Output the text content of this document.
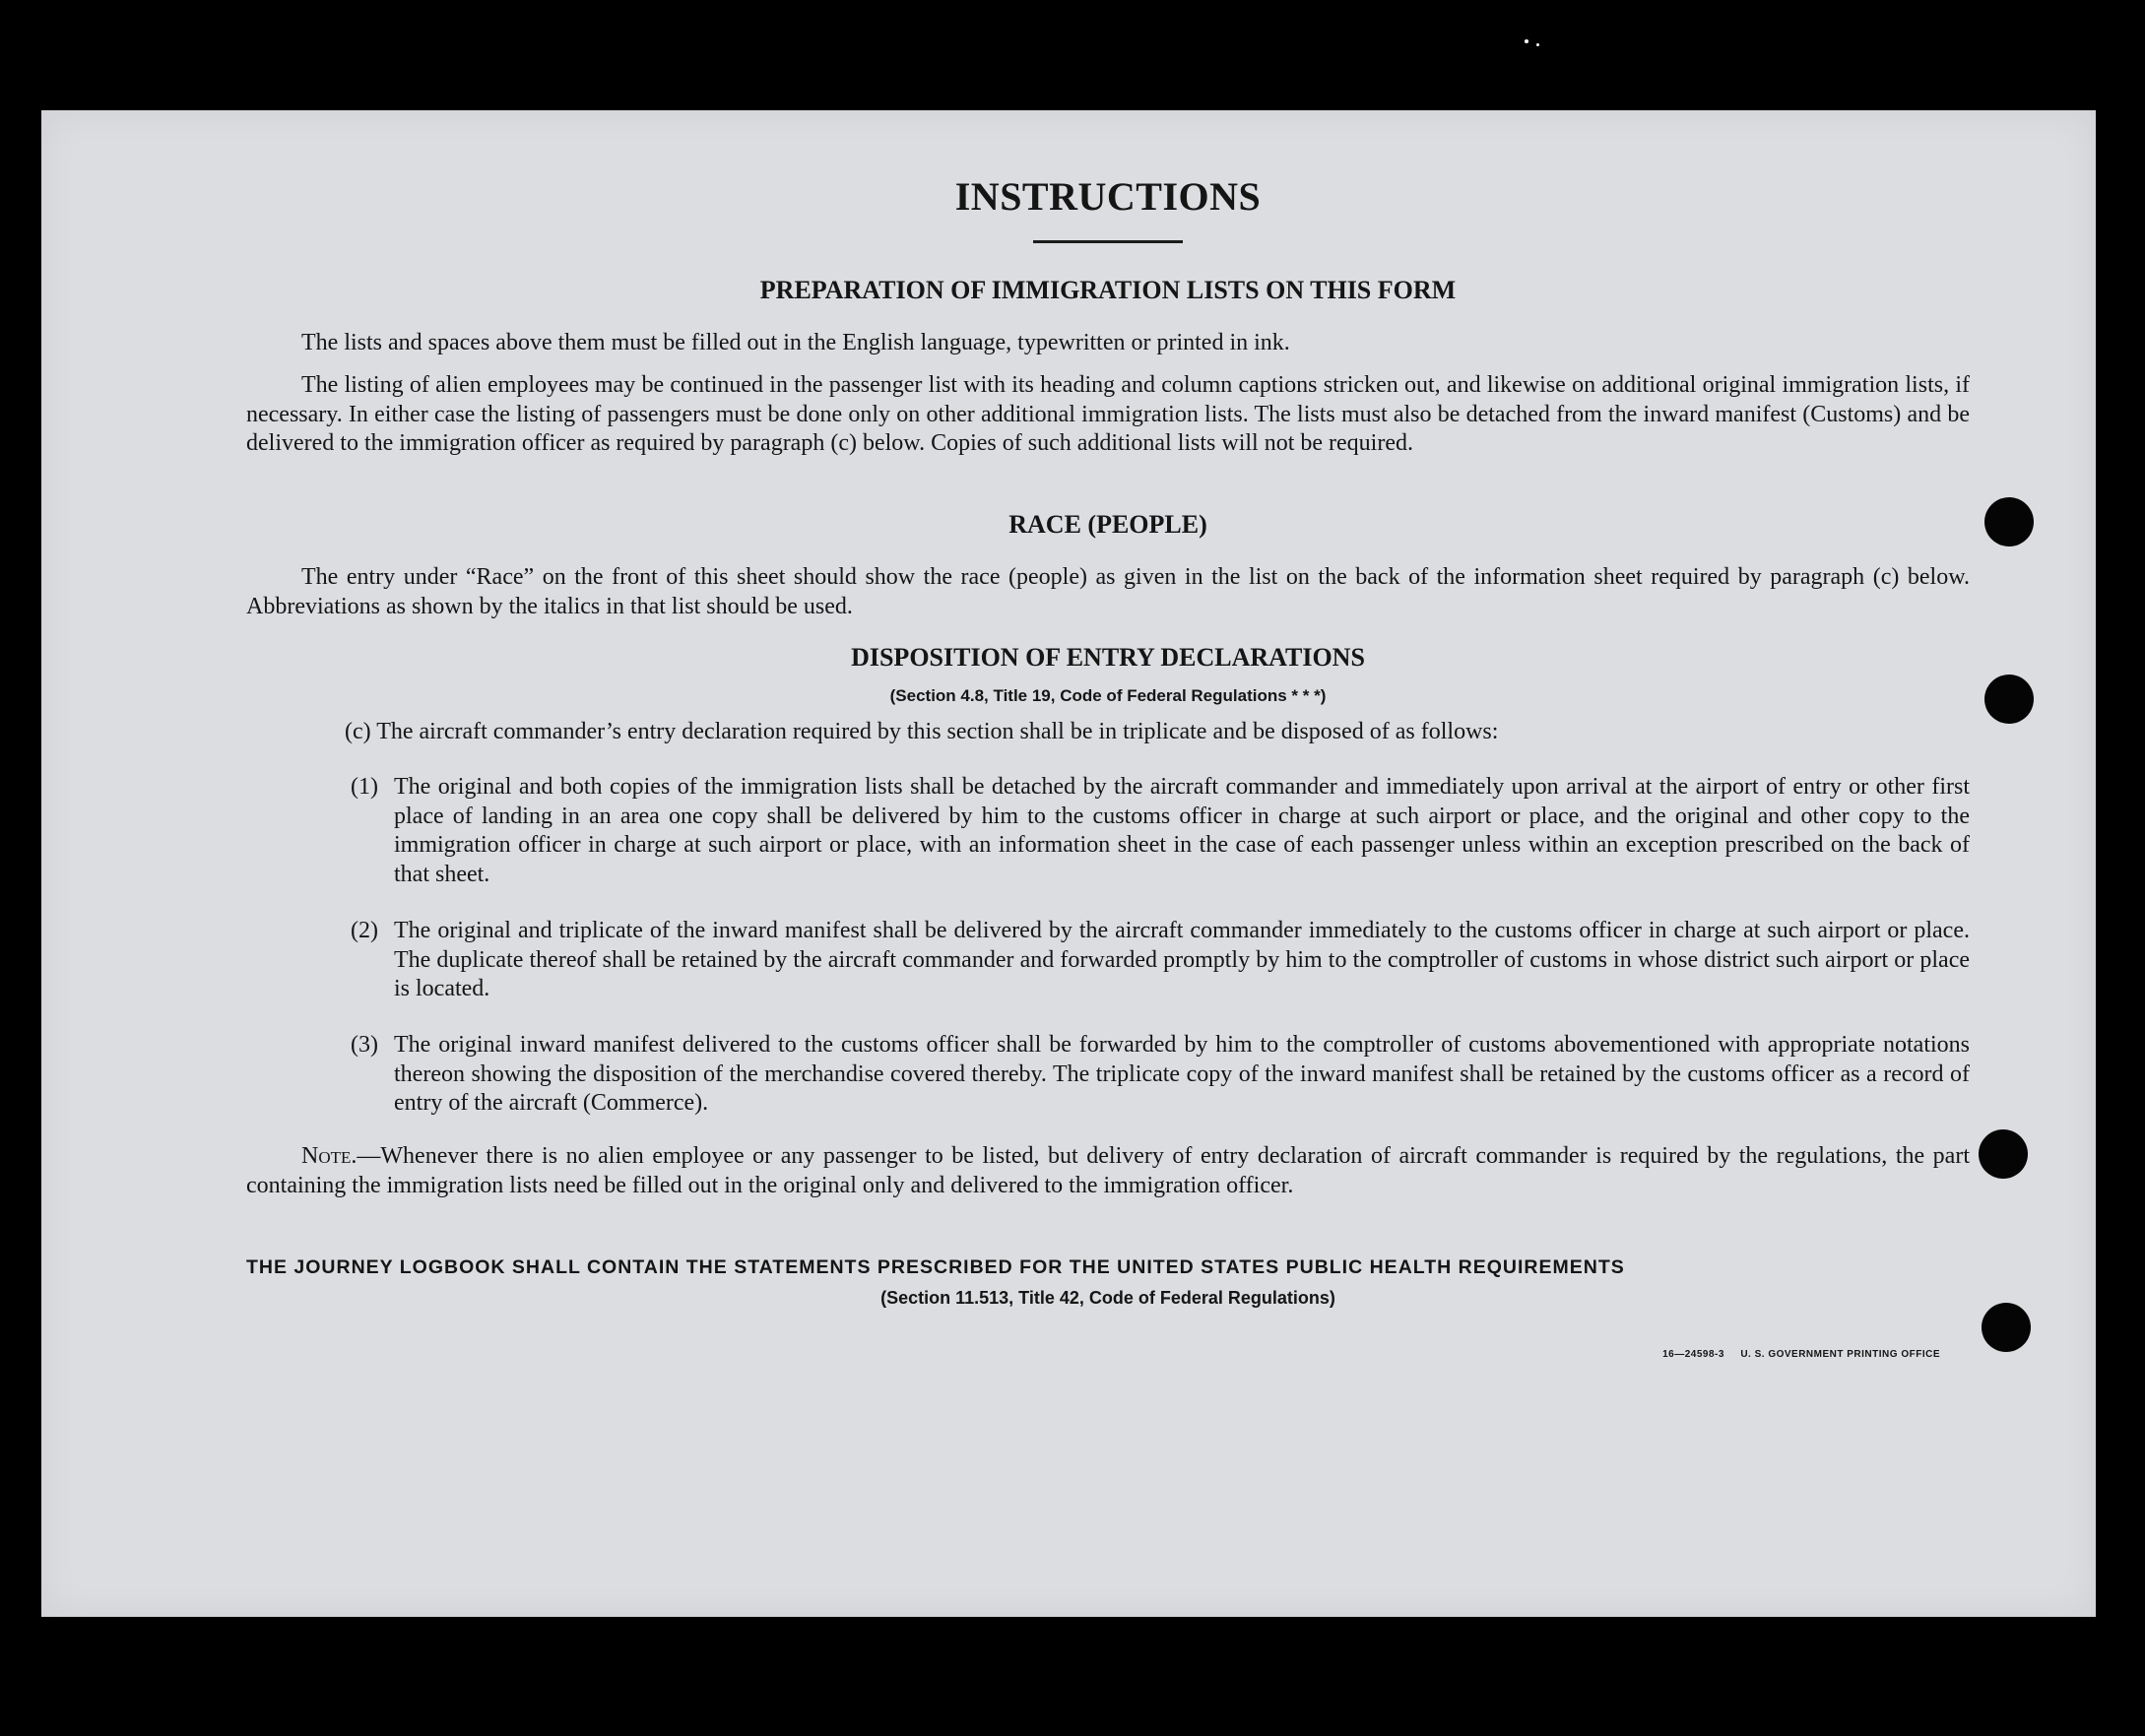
INSTRUCTIONS
PREPARATION OF IMMIGRATION LISTS ON THIS FORM
The lists and spaces above them must be filled out in the English language, typewritten or printed in ink.
The listing of alien employees may be continued in the passenger list with its heading and column captions stricken out, and likewise on additional original immigration lists, if necessary. In either case the listing of passengers must be done only on other additional immigration lists. The lists must also be detached from the inward manifest (Customs) and be delivered to the immigration officer as required by paragraph (c) below. Copies of such additional lists will not be required.
RACE (PEOPLE)
The entry under “Race” on the front of this sheet should show the race (people) as given in the list on the back of the information sheet required by paragraph (c) below. Abbreviations as shown by the italics in that list should be used.
DISPOSITION OF ENTRY DECLARATIONS
(Section 4.8, Title 19, Code of Federal Regulations * * *)
(c) The aircraft commander’s entry declaration required by this section shall be in triplicate and be disposed of as follows:
(1) The original and both copies of the immigration lists shall be detached by the aircraft commander and immediately upon arrival at the airport of entry or other first place of landing in an area one copy shall be delivered by him to the customs officer in charge at such airport or place, and the original and other copy to the immigration officer in charge at such airport or place, with an information sheet in the case of each passenger unless within an exception prescribed on the back of that sheet.
(2) The original and triplicate of the inward manifest shall be delivered by the aircraft commander immediately to the customs officer in charge at such airport or place. The duplicate thereof shall be retained by the aircraft commander and forwarded promptly by him to the comptroller of customs in whose district such airport or place is located.
(3) The original inward manifest delivered to the customs officer shall be forwarded by him to the comptroller of customs abovementioned with appropriate notations thereon showing the disposition of the merchandise covered thereby. The triplicate copy of the inward manifest shall be retained by the customs officer as a record of entry of the aircraft (Commerce).
Note.—Whenever there is no alien employee or any passenger to be listed, but delivery of entry declaration of aircraft commander is required by the regulations, the part containing the immigration lists need be filled out in the original only and delivered to the immigration officer.
THE JOURNEY LOGBOOK SHALL CONTAIN THE STATEMENTS PRESCRIBED FOR THE UNITED STATES PUBLIC HEALTH REQUIREMENTS
(Section 11.513, Title 42, Code of Federal Regulations)
16—24598-3 U. S. GOVERNMENT PRINTING OFFICE
